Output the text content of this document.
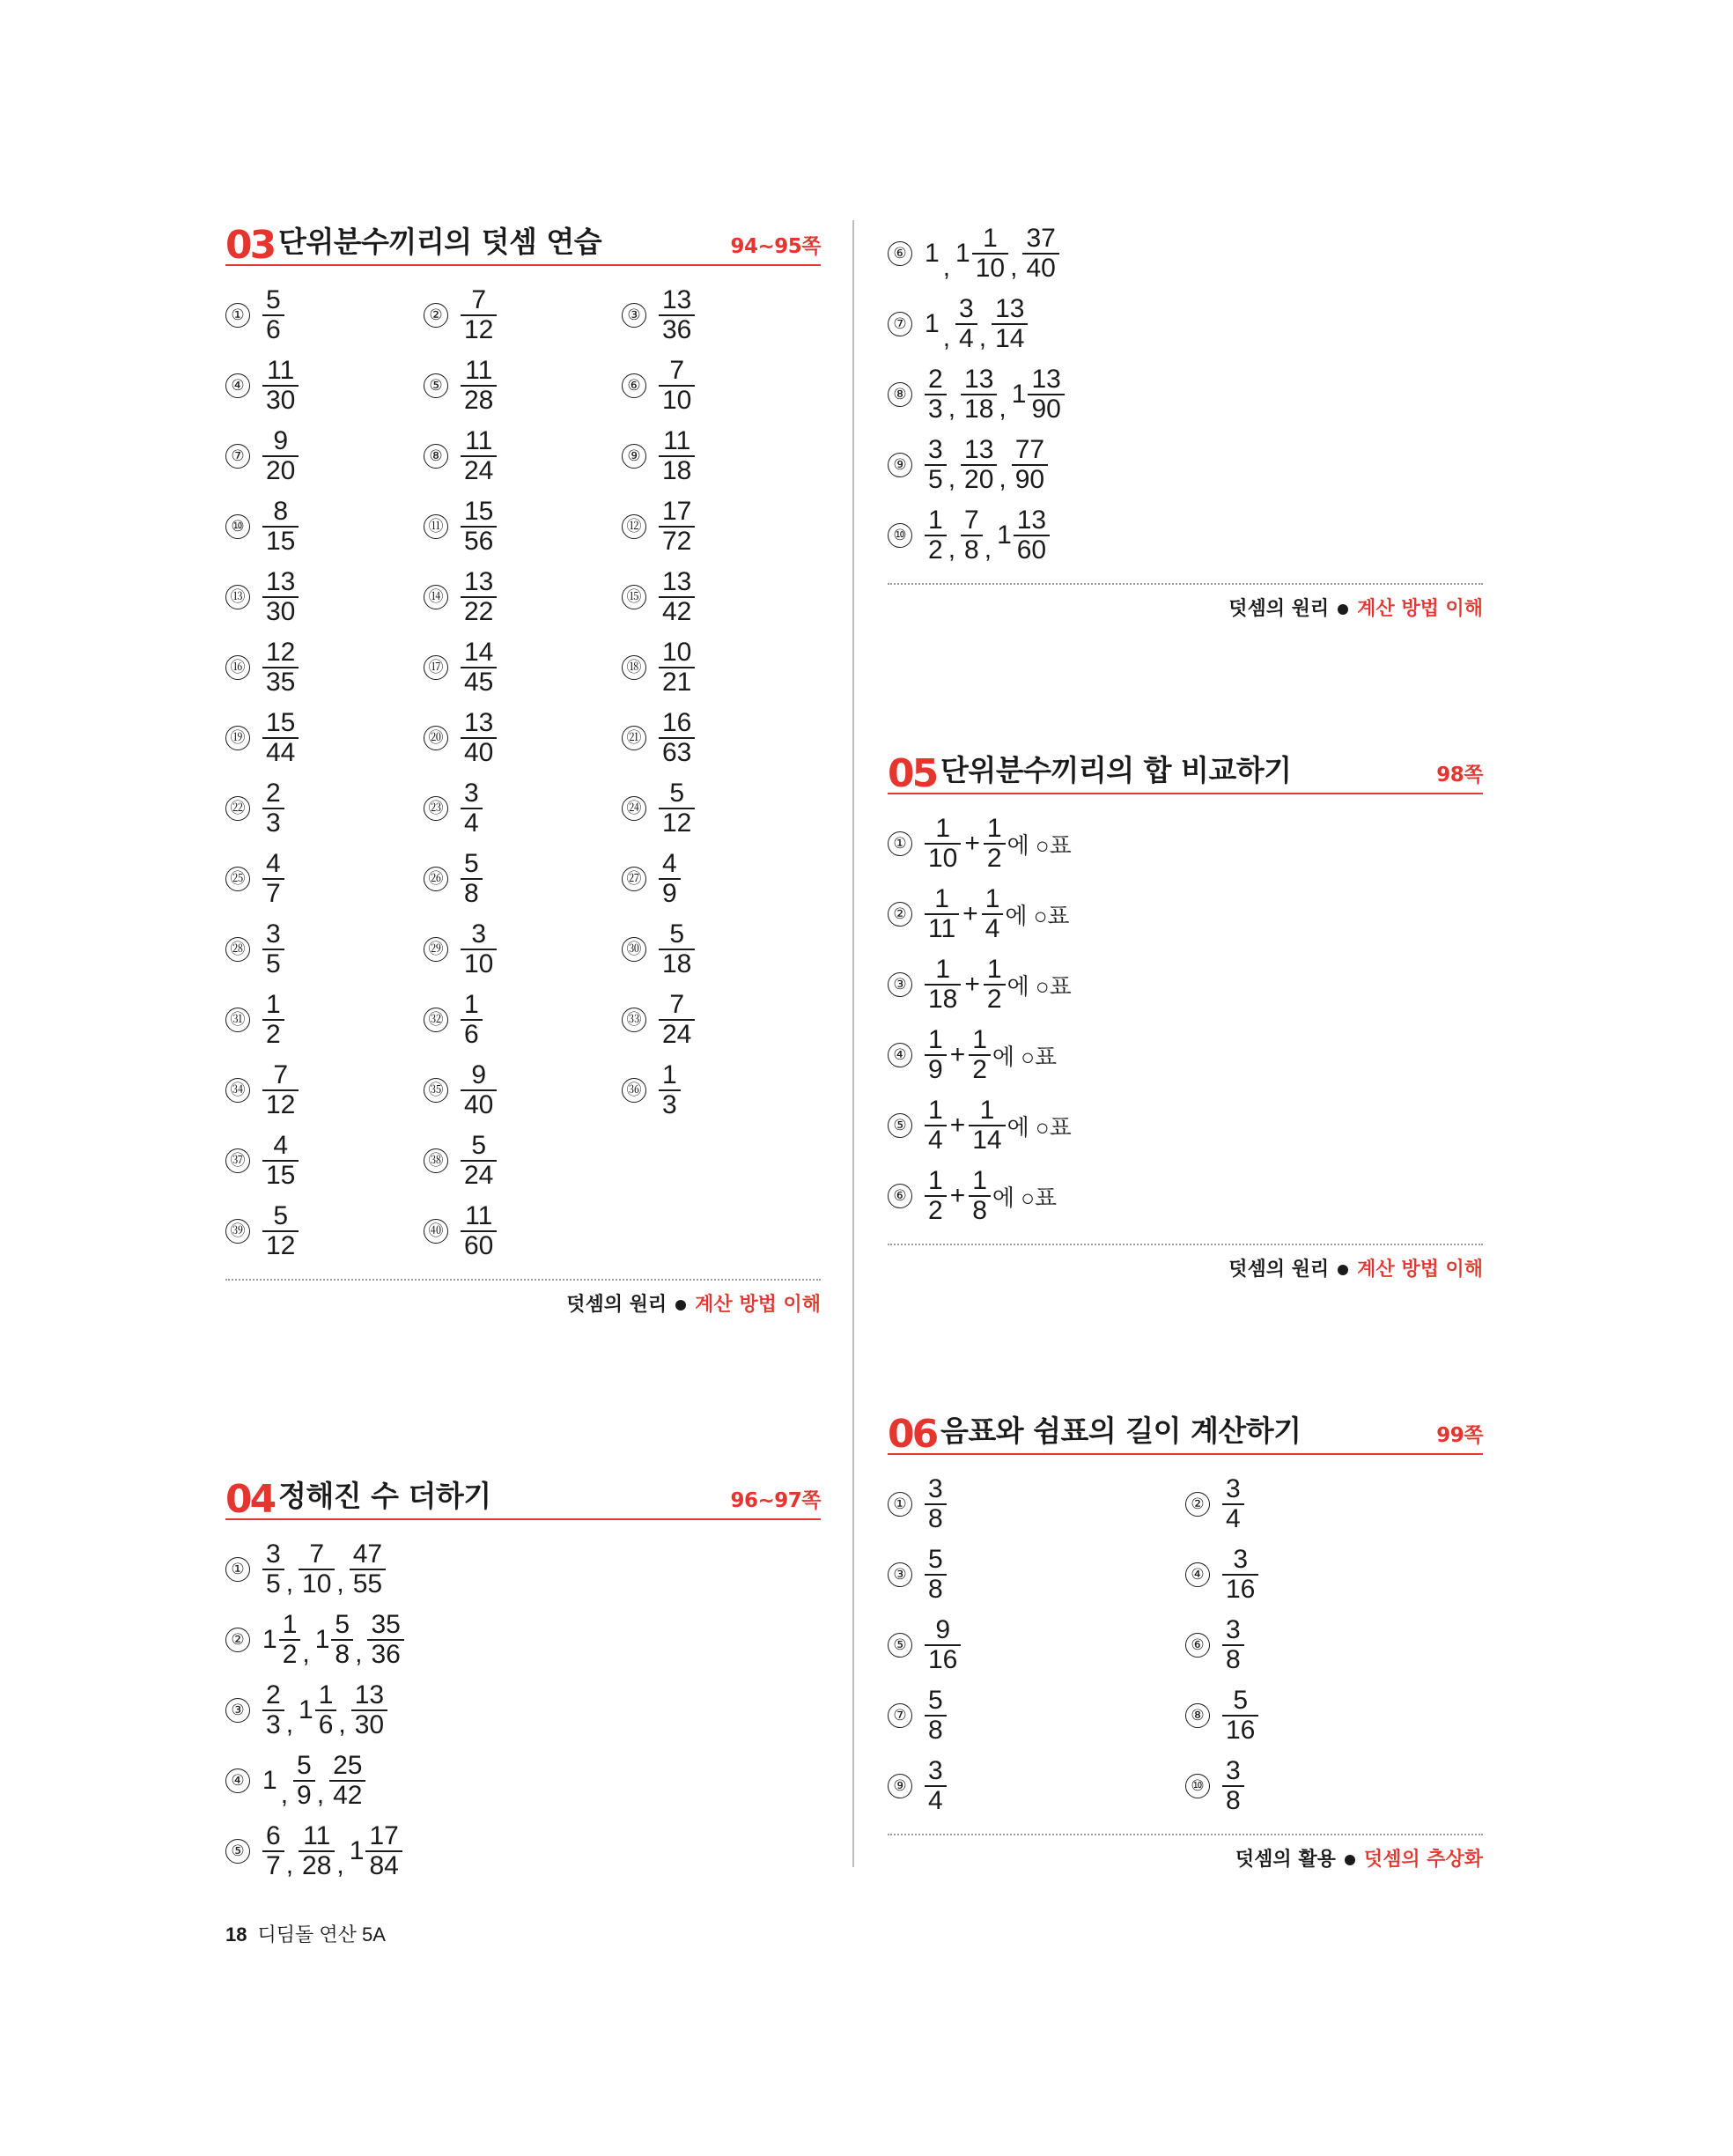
03 단위분수끼리의 덧셈 연습	94~95쪽
① $\frac{5}{6}$	② $\frac{7}{12}$	③ $\frac{13}{36}$
④ $\frac{11}{30}$	⑤ $\frac{11}{28}$	⑥ $\frac{7}{10}$
⑦ $\frac{9}{20}$	⑧ $\frac{11}{24}$	⑨ $\frac{11}{18}$
⑩ $\frac{8}{15}$	⑪ $\frac{15}{56}$	⑫ $\frac{17}{72}$
⑬ $\frac{13}{30}$	⑭ $\frac{13}{22}$	⑮ $\frac{13}{42}$
⑯ $\frac{12}{35}$	⑰ $\frac{14}{45}$	⑱ $\frac{10}{21}$
⑲ $\frac{15}{44}$	⑳ $\frac{13}{40}$	㉑ $\frac{16}{63}$
㉒ $\frac{2}{3}$	㉓ $\frac{3}{4}$	㉔ $\frac{5}{12}$
㉕ $\frac{4}{7}$	㉖ $\frac{5}{8}$	㉗ $\frac{4}{9}$
㉘ $\frac{3}{5}$	㉙ $\frac{3}{10}$	㉚ $\frac{5}{18}$
㉛ $\frac{1}{2}$	㉜ $\frac{1}{6}$	㉝ $\frac{7}{24}$
㉞ $\frac{7}{12}$	㉟ $\frac{9}{40}$	㊱ $\frac{1}{3}$
㊲ $\frac{4}{15}$	㊳ $\frac{5}{24}$
㊴ $\frac{5}{12}$	㊵ $\frac{11}{60}$
덧셈의 원리 계산 방법 이해
04 정해진 수 더하기	96~97쪽
① $\frac{3}{5}$ , $\frac{7}{10}$ , $\frac{47}{55}$
② $1 \frac{1}{2}$ , $1 \frac{5}{8}$ , $\frac{35}{36}$
③ $\frac{2}{3}$ , $1 \frac{1}{6}$ , $\frac{13}{30}$
④ 1 , $\frac{5}{9}$ , $\frac{25}{42}$
⑤ $\frac{6}{7}$ , $\frac{11}{28}$ , $1 \frac{17}{84}$
⑥ 1 , $1 \frac{1}{10}$ , $\frac{37}{40}$
⑦ 1 , $\frac{3}{4}$ , $\frac{13}{14}$
⑧ $\frac{2}{3}$ , $\frac{13}{18}$ , $1 \frac{13}{90}$
⑨ $\frac{3}{5}$ , $\frac{13}{20}$ , $\frac{77}{90}$
⑩ $\frac{1}{2}$ , $\frac{7}{8}$ , $1 \frac{13}{60}$
덧셈의 원리 계산 방법 이해
05 단위분수끼리의 합 비교하기	98쪽
① $\frac{1}{10} + \frac{1}{2}$ 에 ○표
② $\frac{1}{11} + \frac{1}{4}$ 에 ○표
③ $\frac{1}{18} + \frac{1}{2}$ 에 ○표
④ $\frac{1}{9} + \frac{1}{2}$ 에 ○표
⑤ $\frac{1}{4} + \frac{1}{14}$ 에 ○표
⑥ $\frac{1}{2} + \frac{1}{8}$ 에 ○표
덧셈의 원리 계산 방법 이해
06 음표와 쉼표의 길이 계산하기	99쪽
① $\frac{3}{8}$	② $\frac{3}{4}$
③ $\frac{5}{8}$	④ $\frac{3}{16}$
⑤ $\frac{9}{16}$	⑥ $\frac{3}{8}$
⑦ $\frac{5}{8}$	⑧ $\frac{5}{16}$
⑨ $\frac{3}{4}$	⑩ $\frac{3}{8}$
덧셈의 활용 덧셈의 추상화
18 디딤돌 연산 5A
